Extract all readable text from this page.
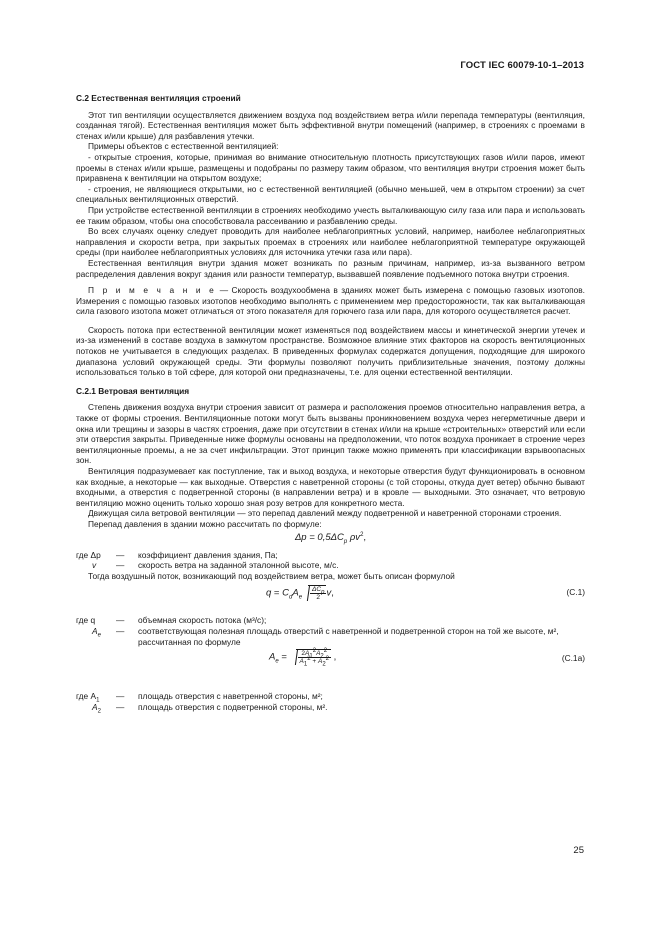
ГОСТ IEC 60079-10-1–2013
С.2 Естественная вентиляция строений

Этот тип вентиляции осуществляется движением воздуха под воздействием ветра и/или перепада температуры (вентиляция, созданная тягой). Естественная вентиляция может быть эффективной внутри помещений (например, в строениях с проемами в стенах и/или крыше) для разбавления утечки.

Примеры объектов с естественной вентиляцией:

- открытые строения, которые, принимая во внимание относительную плотность присутствующих газов и/или паров, имеют проемы в стенах и/или крыше, размещены и подобраны по размеру таким образом, что вентиляция внутри строения может быть приравнена к вентиляции на открытом воздухе;

- строения, не являющиеся открытыми, но с естественной вентиляцией (обычно меньшей, чем в открытом строении) за счет специальных вентиляционных отверстий.

При устройстве естественной вентиляции в строениях необходимо учесть выталкивающую силу газа или пара и использовать ее таким образом, чтобы она способствовала рассеиванию и разбавлению среды.

Во всех случаях оценку следует проводить для наиболее неблагоприятных условий, например, наиболее неблагоприятных направления и скорости ветра, при закрытых проемах в строениях или наиболее неблагоприятной температуре окружающей среды (при наиболее неблагоприятных условиях для источника утечки газа или пара).

Естественная вентиляция внутри здания может возникать по разным причинам, например, из-за вызванного ветром распределения давления вокруг здания или разности температур, вызвавшей появление подъемного потока внутри строения.

П р и м е ч а н и е — Скорость воздухообмена в зданиях может быть измерена с помощью газовых изотопов. Измерения с помощью газовых изотопов необходимо выполнять с применением мер предосторожности, так как выталкивающая сила газового изотопа может отличаться от этого показателя для горючего газа или пара, для которого осуществляется расчет.

Скорость потока при естественной вентиляции может изменяться под воздействием массы и кинетической энергии утечек и из-за изменений в составе воздуха в замкнутом пространстве. Возможное влияние этих факторов на скорость вентиляционных потоков не учитывается в следующих разделах. В приведенных формулах содержатся допущения, подходящие для широкого диапазона условий окружающей среды. Эти формулы позволяют получить приблизительные значения, поэтому должны использоваться только в той сфере, для которой они предназначены, т.е. для оценки естественной вентиляции.

С.2.1 Ветровая вентиляция

Степень движения воздуха внутри строения зависит от размера и расположения проемов относительно направления ветра, а также от формы строения. Вентиляционные потоки могут быть вызваны проникновением воздуха через негерметичные двери и окна или трещины и зазоры в частях строения, даже при отсутствии в стенах и/или на крыше «строительных» отверстий или если эти отверстия закрыты. Приведенные ниже формулы основаны на предположении, что поток воздуха проникает в строение через вентиляционные проемы, а не за счет инфильтрации. Этот принцип также можно применять при классификации взрывоопасных зон.

Вентиляция подразумевает как поступление, так и выход воздуха, и некоторые отверстия будут функционировать в основном как входные, а некоторые — как выходные. Отверстия с наветренной стороны (с той стороны, откуда дует ветер) обычно бывают входными, а отверстия с подветренной стороны (в направлении ветра) и в кровле — выходными. Это означает, что ветровую вентиляцию можно оценить только хорошо зная розу ветров для конкретного места.

Движущая сила ветровой вентиляции — это перепад давлений между подветренной и наветренной сторонами строения.

Перепад давления в здании можно рассчитать по формуле:

$\Delta p = 0,5\Delta C_p$ $\rho v^2$,
где Δp	—	коэффициент давления здания, Па;
v	—	скорость ветра на заданной эталонной высоте, м/с.

Тогда воздушный поток, возникающий под воздействием ветра, может быть описан формулой

$q = C_dA_e \frac{\Delta C_p}{2} v$,	(С.1)
где q	—	объемная скорость потока (м³/с);
$A_e$	—	соответствующая полезная площадь отверстий с наветренной и подветренной сторон на той же высоте, м², рассчитанная по формуле
$A_e = \frac{2A_1^2A_2^2}{A_1^2 + A_2^2}$ ,	(С.1а)
где $A_1$	—	площадь отверстия с наветренной стороны, м²;
$A_2$	—	площадь отверстия с подветренной стороны, м².
25
